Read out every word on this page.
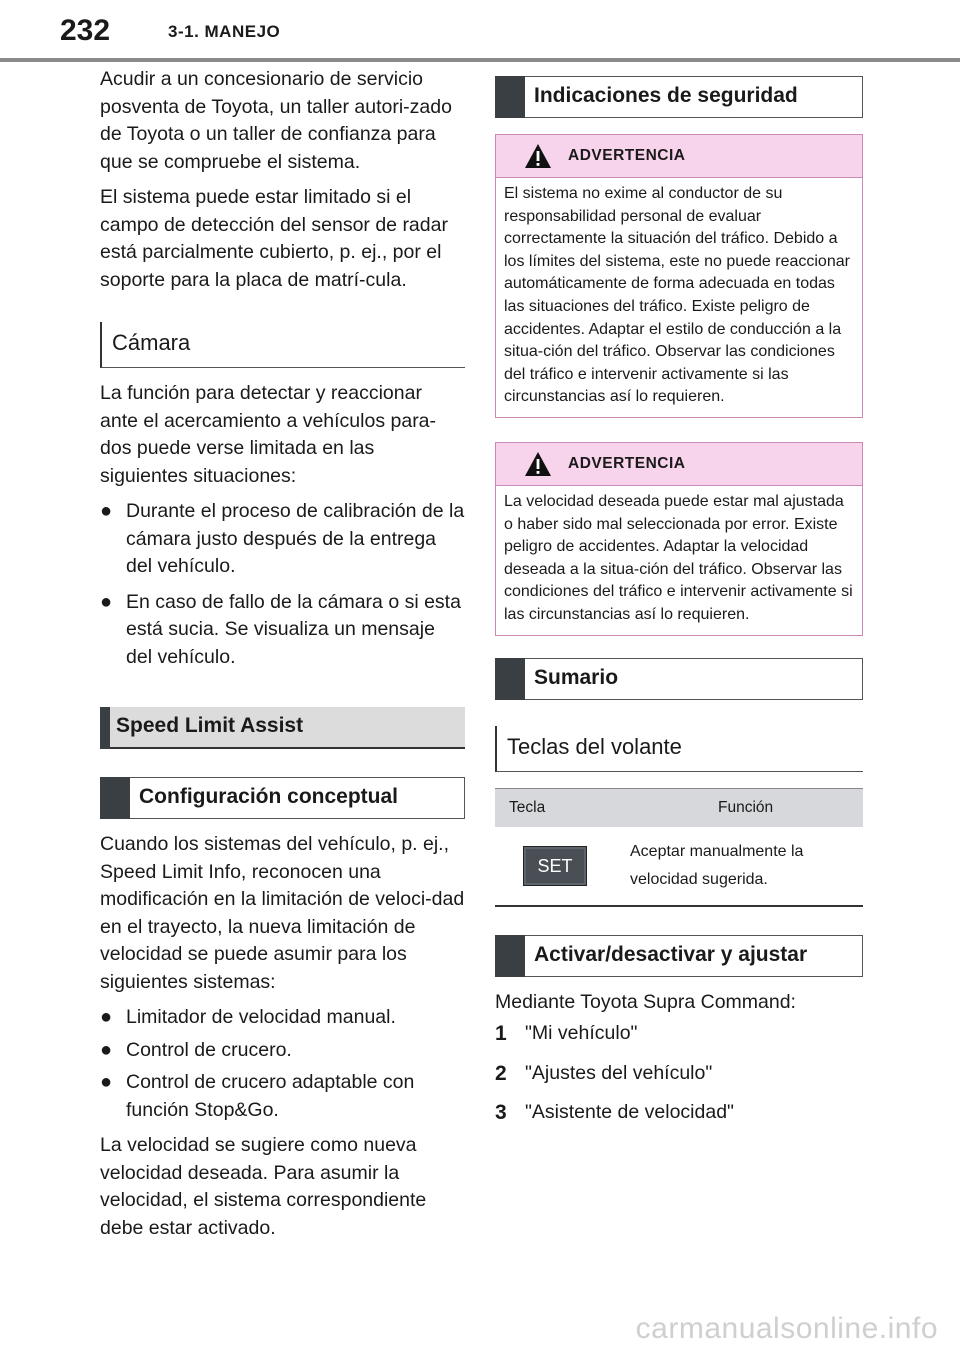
232	3-1. MANEJO

Acudir a un concesionario de servicio posventa de Toyota, un taller autori-zado de Toyota o un taller de confianza para que se compruebe el sistema.

El sistema puede estar limitado si el campo de detección del sensor de radar está parcialmente cubierto, p. ej., por el soporte para la placa de matrí-cula.

Cámara

La función para detectar y reaccionar ante el acercamiento a vehículos para-dos puede verse limitada en las siguientes situaciones:

● Durante el proceso de calibración de la cámara justo después de la entrega del vehículo.
● En caso de fallo de la cámara o si esta está sucia. Se visualiza un mensaje del vehículo.
Speed Limit Assist
Configuración conceptual

Cuando los sistemas del vehículo, p. ej., Speed Limit Info, reconocen una modificación en la limitación de veloci-dad en el trayecto, la nueva limitación de velocidad se puede asumir para los siguientes sistemas:

● Limitador de velocidad manual.
● Control de crucero.
● Control de crucero adaptable con función Stop&Go.

La velocidad se sugiere como nueva velocidad deseada. Para asumir la velocidad, el sistema correspondiente debe estar activado.

Indicaciones de seguridad
ADVERTENCIA
El sistema no exime al conductor de su responsabilidad personal de evaluar correctamente la situación del tráfico. Debido a los límites del sistema, este no puede reaccionar automáticamente de forma adecuada en todas las situaciones del tráfico. Existe peligro de accidentes. Adaptar el estilo de conducción a la situa-ción del tráfico. Observar las condiciones del tráfico e intervenir activamente si las circunstancias así lo requieren.
ADVERTENCIA
La velocidad deseada puede estar mal ajustada o haber sido mal seleccionada por error. Existe peligro de accidentes. Adaptar la velocidad deseada a la situa-ción del tráfico. Observar las condiciones del tráfico e intervenir activamente si las circunstancias así lo requieren.
Sumario
Teclas del volante
Tecla	Función
SET	Aceptar manualmente la velocidad sugerida.
Activar/desactivar y ajustar

Mediante Toyota Supra Command:

1 "Mi vehículo"
2 "Ajustes del vehículo"
3 "Asistente de velocidad"
carmanualsonline.info
